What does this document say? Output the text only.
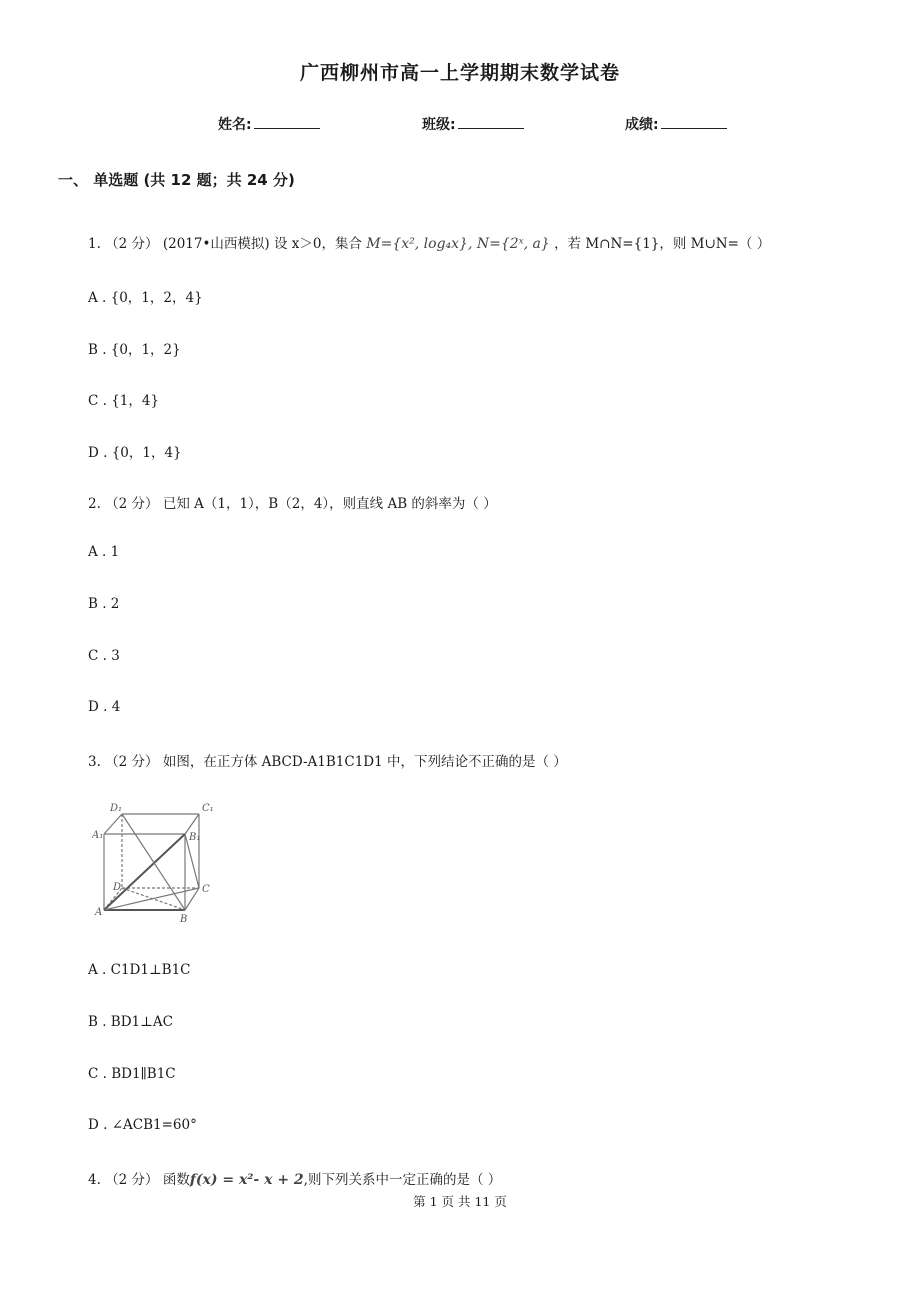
广西柳州市高一上学期期末数学试卷
姓名:	班级:	成绩:
一、 单选题 (共 12 题；共 24 分)
1. （2 分） (2017•山西模拟) 设 x＞0，集合 M={x², log₄x}, N={2ˣ, a} ，若 M∩N={1}，则 M∪N=（ ）
A . {0，1，2，4}
B . {0，1，2}
C . {1，4}
D . {0，1，4}
2. （2 分） 已知 A（1，1），B（2，4），则直线 AB 的斜率为（ ）
A . 1
B . 2
C . 3
D . 4
3. （2 分） 如图，在正方体 ABCD-A1B1C1D1 中，下列结论不正确的是（ ）
D₁	C₁
A₁	B₁
D	C
A
B
A . C1D1⊥B1C
B . BD1⊥AC
C . BD1∥B1C
D . ∠ACB1=60°
4. （2 分） 函数f(x) = x²- x + 2,则下列关系中一定正确的是（ ）
第 1 页 共 11 页
